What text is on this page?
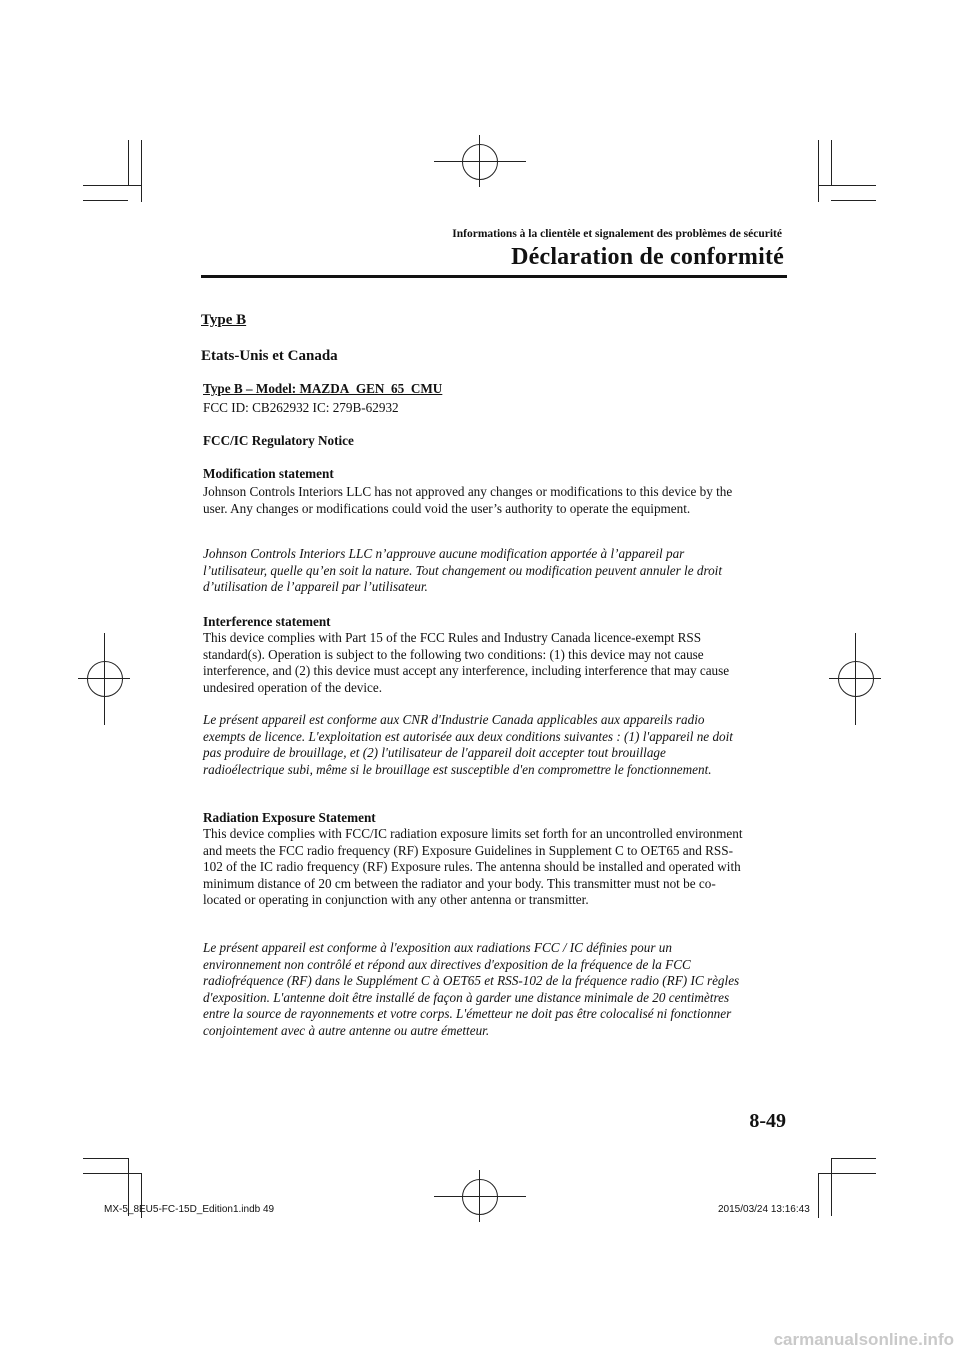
Informations à la clientèle et signalement des problèmes de sécurité
Déclaration de conformité
Type B
Etats-Unis et Canada
Type B – Model: MAZDA_GEN_65_CMU
FCC ID: CB262932 IC: 279B-62932
FCC/IC Regulatory Notice
Modification statement
Johnson Controls Interiors LLC has not approved any changes or modifications to this device by the user. Any changes or modifications could void the user’s authority to operate the equipment.
Johnson Controls Interiors LLC n’approuve aucune modification apportée à l’appareil par l’utilisateur, quelle qu’en soit la nature. Tout changement ou modification peuvent annuler le droit d’utilisation de l’appareil par l’utilisateur.
Interference statement
This device complies with Part 15 of the FCC Rules and Industry Canada licence-exempt RSS standard(s). Operation is subject to the following two conditions: (1) this device may not cause interference, and (2) this device must accept any interference, including interference that may cause undesired operation of the device.
Le présent appareil est conforme aux CNR d'Industrie Canada applicables aux appareils radio exempts de licence. L'exploitation est autorisée aux deux conditions suivantes : (1) l'appareil ne doit pas produire de brouillage, et (2) l'utilisateur de l'appareil doit accepter tout brouillage radioélectrique subi, même si le brouillage est susceptible d'en compromettre le fonctionnement.
Radiation Exposure Statement
This device complies with FCC/IC radiation exposure limits set forth for an uncontrolled environment and meets the FCC radio frequency (RF) Exposure Guidelines in Supplement C to OET65 and RSS-102 of the IC radio frequency (RF) Exposure rules. The antenna should be installed and operated with minimum distance of 20 cm between the radiator and your body. This transmitter must not be co-located or operating in conjunction with any other antenna or transmitter.
Le présent appareil est conforme à l'exposition aux radiations FCC / IC définies pour un environnement non contrôlé et répond aux directives d'exposition de la fréquence de la FCC radiofréquence (RF) dans le Supplément C à OET65 et RSS-102 de la fréquence radio (RF) IC règles d'exposition. L'antenne doit être installé de façon à garder une distance minimale de 20 centimètres entre la source de rayonnements et votre corps. L'émetteur ne doit pas être colocalisé ni fonctionner conjointement avec à autre antenne ou autre émetteur.
8-49
MX-5_8EU5-FC-15D_Edition1.indb 49	2015/03/24 13:16:43
carmanualsonline.info
